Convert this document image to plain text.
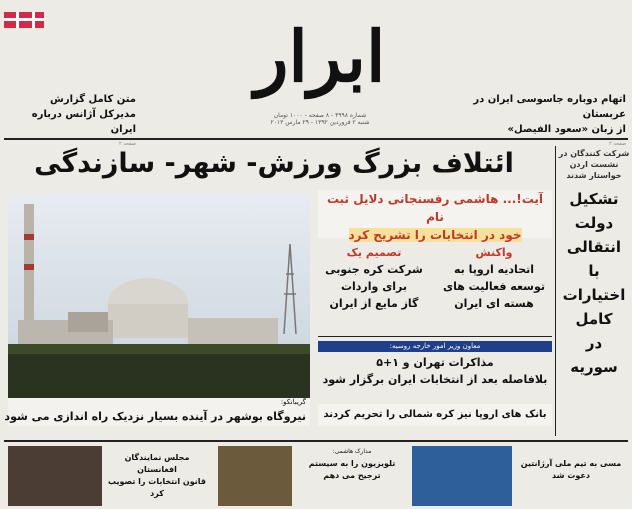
ابرار
شماره ۴۹۹۸ - ۸ صفحه - ۱۰۰۰ تومان
شنبه ۲ فروردین ۱۳۹۲ - ۲۹ مارس ۲۰۱۳
متن کامل گزارش
مدیرکل آژانس درباره ایران
صفحه ۲
اتهام دوباره جاسوسی ایران در عربستان
از زبان «سعود الفیصل»
صفحه ۲
ائتلاف بزرگ ورزش- شهر- سازندگی
گریبانکو:
نیروگاه بوشهر در آینده بسیار نزدیک راه اندازی می شود
آیت!... هاشمی رفسنجانی دلایل ثبت نام
خود در انتخابات را تشریح کرد
واکنش
اتحادیه اروپا به
توسعه فعالیت های
هسته ای ایران
تصمیم یک
شرکت کره جنوبی
برای واردات
گاز مایع از ایران
معاون وزیر امور خارجه روسیه:
مذاکرات تهران و ۱+۵
بلافاصله بعد از انتخابات ایران برگزار شود
بانک های اروپا نیز کره شمالی را تحریم کردند
شرکت کنندگان در نشست اردن خواستار شدند
تشکیل
دولت
انتقالی
با
اختیارات
کامل
در
سوریه
مجلس نمایندگان افغانستان
قانون انتخابات را تصویب کرد
مدارک هاشمی:
تلویزیون را به سیستم
ترجیح می دهم
مسی به تیم ملی آرژانتین
دعوت شد
